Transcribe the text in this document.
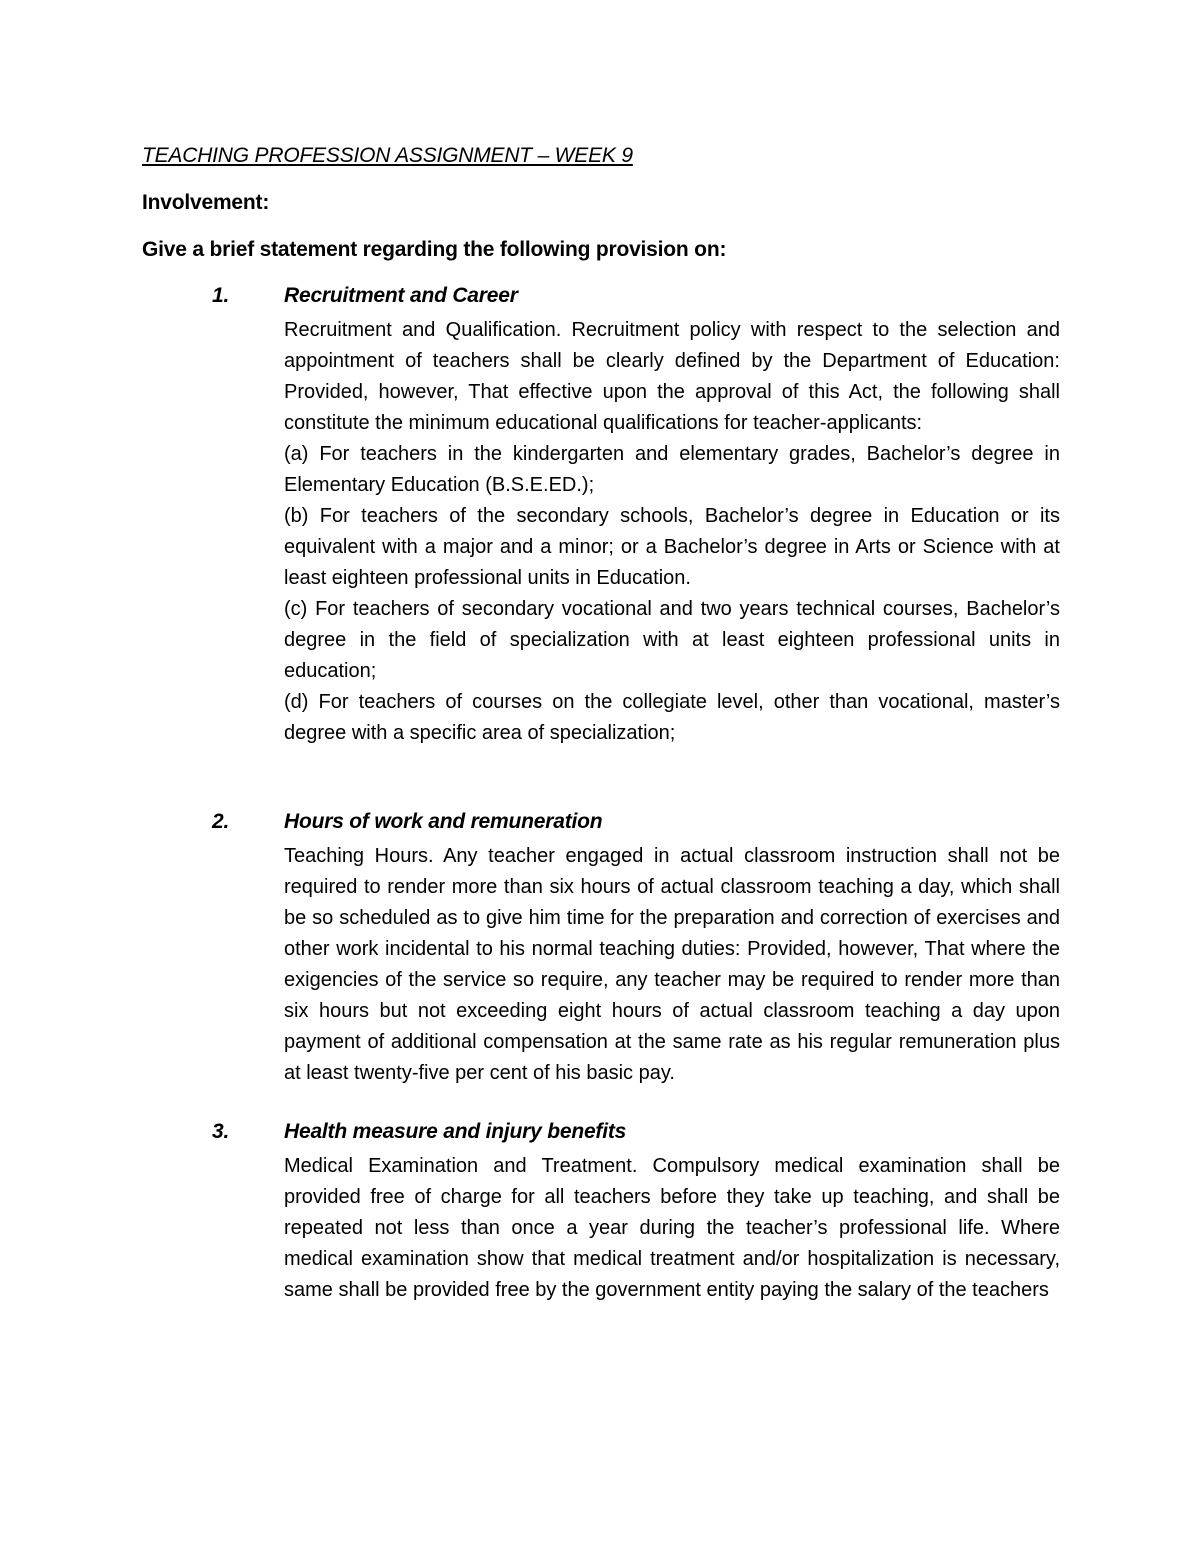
TEACHING PROFESSION ASSIGNMENT – WEEK 9
Involvement:
Give a brief statement regarding the following provision on:
1.	Recruitment and Career

Recruitment and Qualification. Recruitment policy with respect to the selection and appointment of teachers shall be clearly defined by the Department of Education: Provided, however, That effective upon the approval of this Act, the following shall constitute the minimum educational qualifications for teacher-applicants:

(a) For teachers in the kindergarten and elementary grades, Bachelor’s degree in Elementary Education (B.S.E.ED.);

(b) For teachers of the secondary schools, Bachelor’s degree in Education or its equivalent with a major and a minor; or a Bachelor’s degree in Arts or Science with at least eighteen professional units in Education.

(c) For teachers of secondary vocational and two years technical courses, Bachelor’s degree in the field of specialization with at least eighteen professional units in education;

(d) For teachers of courses on the collegiate level, other than vocational, master’s degree with a specific area of specialization;

2.	Hours of work and remuneration

Teaching Hours. Any teacher engaged in actual classroom instruction shall not be required to render more than six hours of actual classroom teaching a day, which shall be so scheduled as to give him time for the preparation and correction of exercises and other work incidental to his normal teaching duties: Provided, however, That where the exigencies of the service so require, any teacher may be required to render more than six hours but not exceeding eight hours of actual classroom teaching a day upon payment of additional compensation at the same rate as his regular remuneration plus at least twenty-five per cent of his basic pay.

3.	Health measure and injury benefits

Medical Examination and Treatment. Compulsory medical examination shall be provided free of charge for all teachers before they take up teaching, and shall be repeated not less than once a year during the teacher’s professional life. Where medical examination show that medical treatment and/or hospitalization is necessary, same shall be provided free by the government entity paying the salary of the teachers
